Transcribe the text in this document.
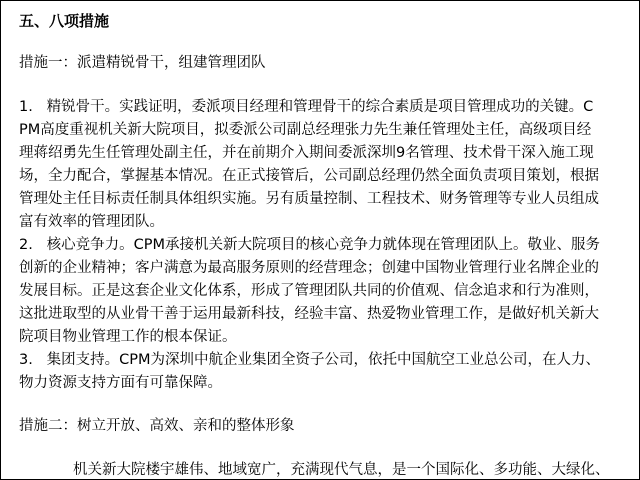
五、八项措施
措施一：派遣精锐骨干，组建管理团队
1.   精锐骨干。实践证明，委派项目经理和管理骨干的综合素质是项目管理成功的关键。C
PM高度重视机关新大院项目，拟委派公司副总经理张力先生兼任管理处主任，高级项目经
理蒋绍勇先生任管理处副主任，并在前期介入期间委派深圳9名管理、技术骨干深入施工现
场，全力配合，掌握基本情况。在正式接管后，公司副总经理仍然全面负责项目策划，根据
管理处主任目标责任制具体组织实施。另有质量控制、工程技术、财务管理等专业人员组成
富有效率的管理团队。
2.   核心竞争力。CPM承接机关新大院项目的核心竞争力就体现在管理团队上。敬业、服务
创新的企业精神；客户满意为最高服务原则的经营理念；创建中国物业管理行业名牌企业的
发展目标。正是这套企业文化体系，形成了管理团队共同的价值观、信念追求和行为准则，
这批进取型的从业骨干善于运用最新科技，经验丰富、热爱物业管理工作，是做好机关新大
院项目物业管理工作的根本保证。
3.   集团支持。CPM为深圳中航企业集团全资子公司，依托中国航空工业总公司，在人力、
物力资源支持方面有可靠保障。
措施二：树立开放、高效、亲和的整体形象
机关新大院楼宇雄伟、地域宽广，充满现代气息，是一个国际化、多功能、大绿化、
